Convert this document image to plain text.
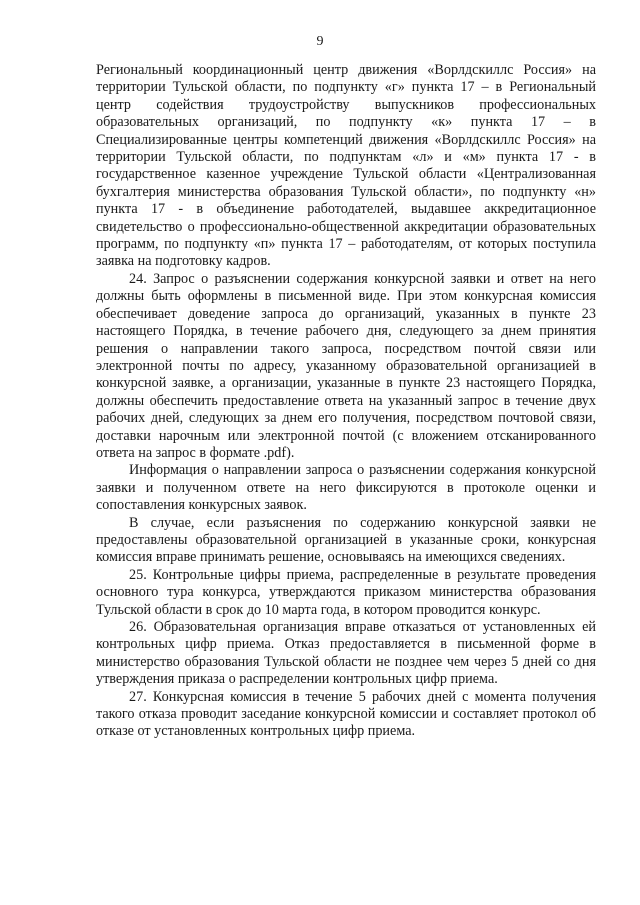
9

Региональный координационный центр движения «Ворлдскиллс Россия» на территории Тульской области, по подпункту «г» пункта 17 – в Региональный центр содействия трудоустройству выпускников профессиональных образовательных организаций, по подпункту «к» пункта 17 – в Специализированные центры компетенций движения «Ворлдскиллс Россия» на территории Тульской области, по подпунктам «л» и «м» пункта 17 - в государственное казенное учреждение Тульской области «Централизованная бухгалтерия министерства образования Тульской области», по подпункту «н» пункта 17 - в объединение работодателей, выдавшее аккредитационное свидетельство о профессионально-общественной аккредитации образовательных программ, по подпункту «п» пункта 17 – работодателям, от которых поступила заявка на подготовку кадров.

24. Запрос о разъяснении содержания конкурсной заявки и ответ на него должны быть оформлены в письменной виде. При этом конкурсная комиссия обеспечивает доведение запроса до организаций, указанных в пункте 23 настоящего Порядка, в течение рабочего дня, следующего за днем принятия решения о направлении такого запроса, посредством почтой связи или электронной почты по адресу, указанному образовательной организацией в конкурсной заявке, а организации, указанные в пункте 23 настоящего Порядка, должны обеспечить предоставление ответа на указанный запрос в течение двух рабочих дней, следующих за днем его получения, посредством почтовой связи, доставки нарочным или электронной почтой (с вложением отсканированного ответа на запрос в формате .pdf).

Информация о направлении запроса о разъяснении содержания конкурсной заявки и полученном ответе на него фиксируются в протоколе оценки и сопоставления конкурсных заявок.

В случае, если разъяснения по содержанию конкурсной заявки не предоставлены образовательной организацией в указанные сроки, конкурсная комиссия вправе принимать решение, основываясь на имеющихся сведениях.

25. Контрольные цифры приема, распределенные в результате проведения основного тура конкурса, утверждаются приказом министерства образования Тульской области в срок до 10 марта года, в котором проводится конкурс.

26. Образовательная организация вправе отказаться от установленных ей контрольных цифр приема. Отказ предоставляется в письменной форме в министерство образования Тульской области не позднее чем через 5 дней со дня утверждения приказа о распределении контрольных цифр приема.

27. Конкурсная комиссия в течение 5 рабочих дней с момента получения такого отказа проводит заседание конкурсной комиссии и составляет протокол об отказе от установленных контрольных цифр приема.
